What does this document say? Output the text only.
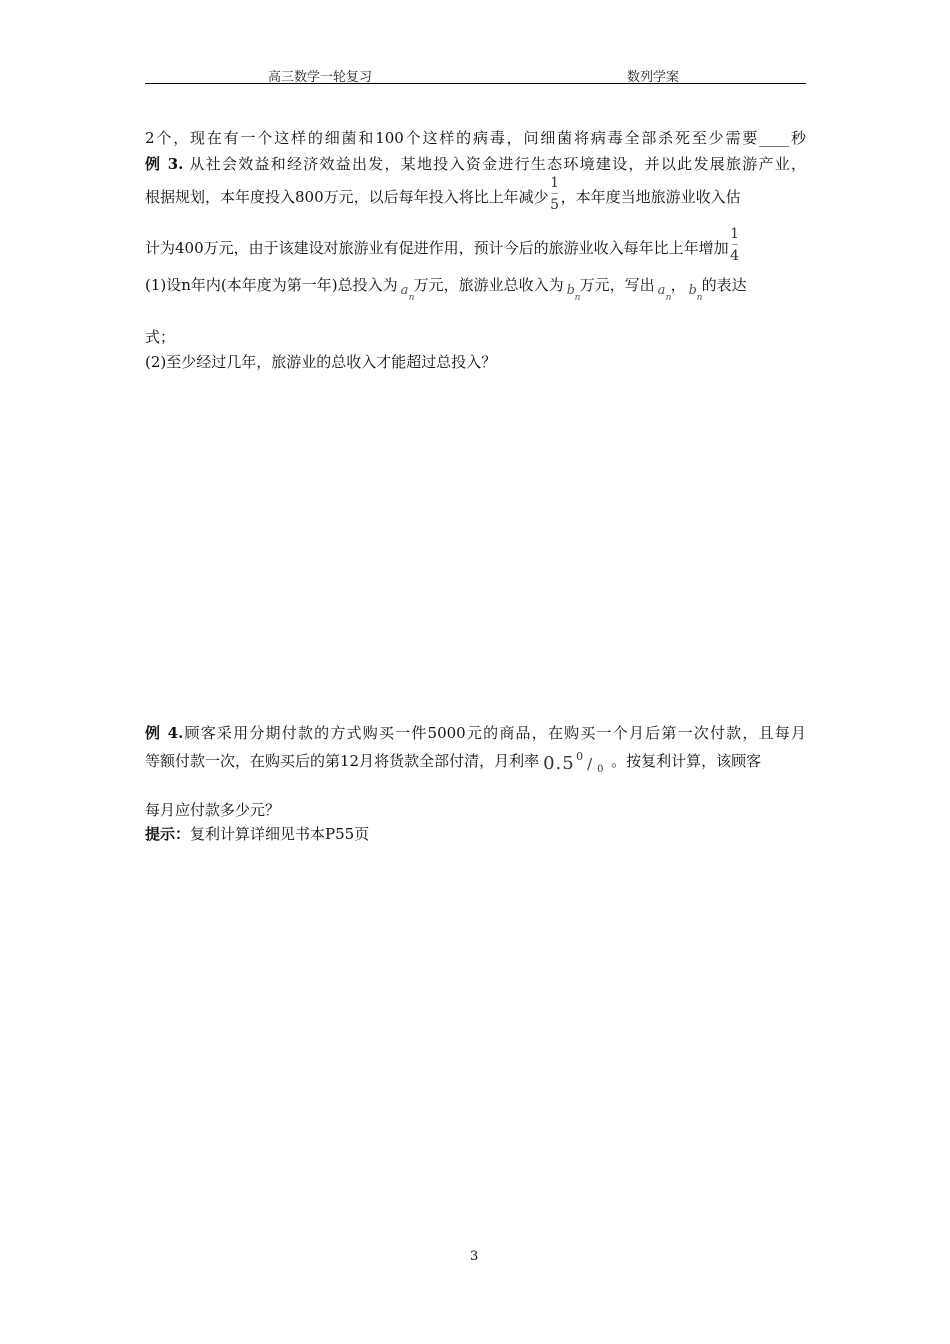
高三数学一轮复习	数列学案
2个，现在有一个这样的细菌和100个这样的病毒，问细菌将病毒全部杀死至少需要____秒
例 3. 从社会效益和经济效益出发，某地投入资金进行生态环境建设，并以此发展旅游产业，
根据规划，本年度投入800万元，以后每年投入将比上年减少 $\frac{1}{5}$ ，本年度当地旅游业收入估
计为400万元，由于该建设对旅游业有促进作用，预计今后的旅游业收入每年比上年增加 $\frac{1}{4}$
(1)设n年内(本年度为第一年)总投入为 a n
万元，旅游业总收入为 b n
万元，写出 a n
， b n
的表达
式；
(2)至少经过几年，旅游业的总收入才能超过总投入？
例 4.顾客采用分期付款的方式购买一件5000元的商品，在购买一个月后第一次付款，且每月
等额付款一次，在购买后的第12月将货款全部付清，月利率 0.5 0 / 0 。按复利计算，该顾客
每月应付款多少元？
提示：复利计算详细见书本P55页
3
